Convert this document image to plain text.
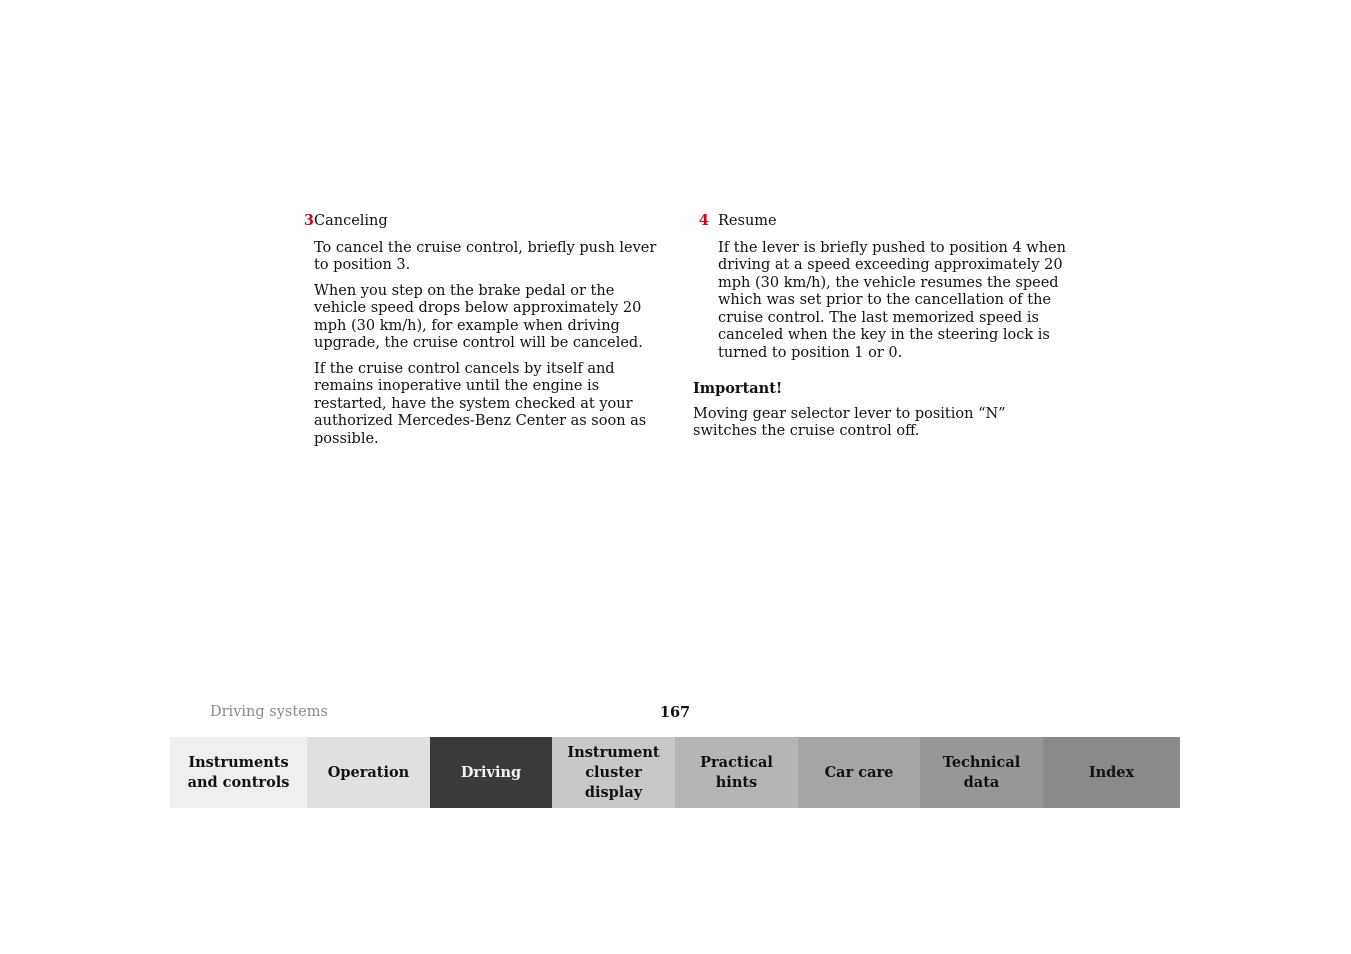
3 Canceling

To cancel the cruise control, briefly push lever to position 3.

When you step on the brake pedal or the vehicle speed drops below approximately 20 mph (30 km/h), for example when driving upgrade, the cruise control will be canceled.

If the cruise control cancels by itself and remains inoperative until the engine is restarted, have the system checked at your authorized Mercedes-Benz Center as soon as possible.

4 Resume

If the lever is briefly pushed to position 4 when driving at a speed exceeding approximately 20 mph (30 km/h), the vehicle resumes the speed which was set prior to the cancellation of the cruise control. The last memorized speed is canceled when the key in the steering lock is turned to position 1 or 0.

Important!

Moving gear selector lever to position “N” switches the cruise control off.

Driving systems	167
Instruments
and controls
Operation	Driving
Instrument
cluster display
Practical hints
Car care
Technical
data
Index
